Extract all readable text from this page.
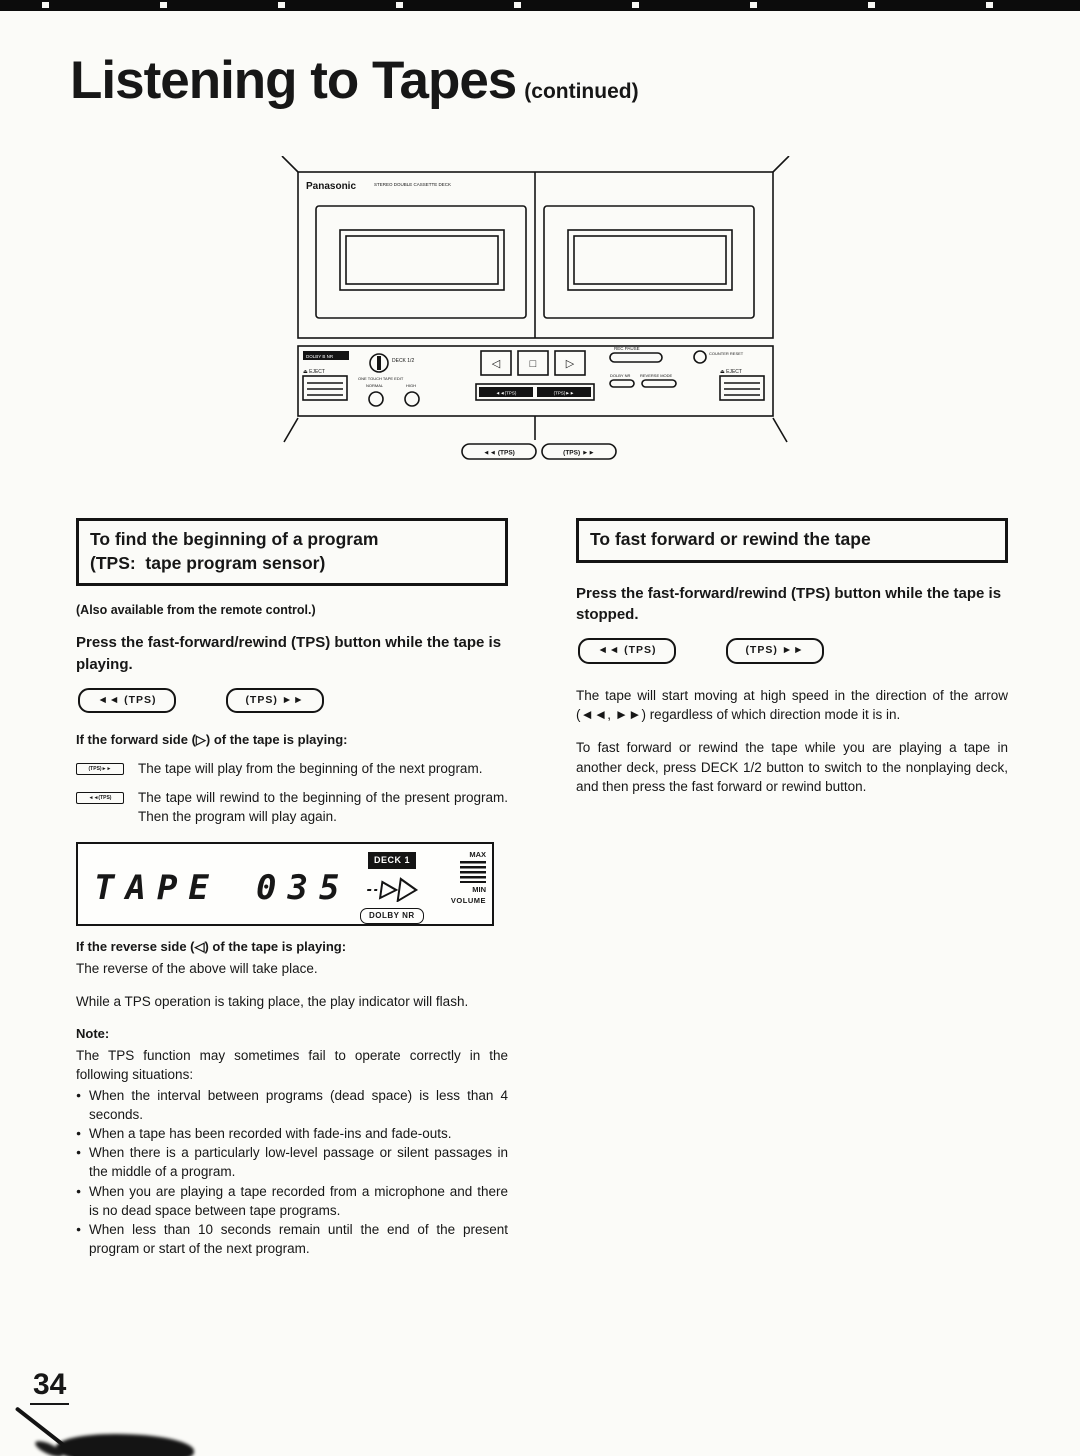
Listening to Tapes (continued)
Panasonic	STEREO DOUBLE CASSETTE DECK
DOLBY B NR
⏏ EJECT
DECK 1/2
ONE TOUCH TAPE EDIT
NORMAL	HIGH
◁	□	▷
◄◄(TPS)	(TPS)►►
REC PAUSE
DOLBY NR REVERSE MODE
COUNTER RESET
⏏ EJECT
◄◄ (TPS)	(TPS) ►►
To find the beginning of a program
(TPS:  tape program sensor)

(Also available from the remote control.)

Press the fast-forward/rewind (TPS) button while the tape is playing.

◄◄ (TPS)	(TPS) ►►

If the forward side (▷) of the tape is playing:

(TPS)►►	The tape will play from the beginning of the next program.

◄◄(TPS)	The tape will rewind to the beginning of the present program. Then the program will play again.

TAPE 035
DECK 1
DOLBY NR
MAX
MIN
VOLUME

If the reverse side (◁) of the tape is playing:

The reverse of the above will take place.

While a TPS operation is taking place, the play indicator will flash.

Note:

The TPS function may sometimes fail to operate correctly in the following situations:

● When the interval between programs (dead space) is less than 4 seconds.
● When a tape has been recorded with fade-ins and fade-outs.
● When there is a particularly low-level passage or silent passages in the middle of a program.
● When you are playing a tape recorded from a microphone and there is no dead space between tape programs.
● When less than 10 seconds remain until the end of the present program or start of the next program.
To fast forward or rewind the tape

Press the fast-forward/rewind (TPS) button while the tape is stopped.

◄◄ (TPS)	(TPS) ►►

The tape will start moving at high speed in the direction of the arrow (◄◄, ►►) regardless of which direction mode it is in.

To fast forward or rewind the tape while you are playing a tape in another deck, press DECK 1/2 button to switch to the nonplaying deck, and then press the fast forward or rewind button.

34
